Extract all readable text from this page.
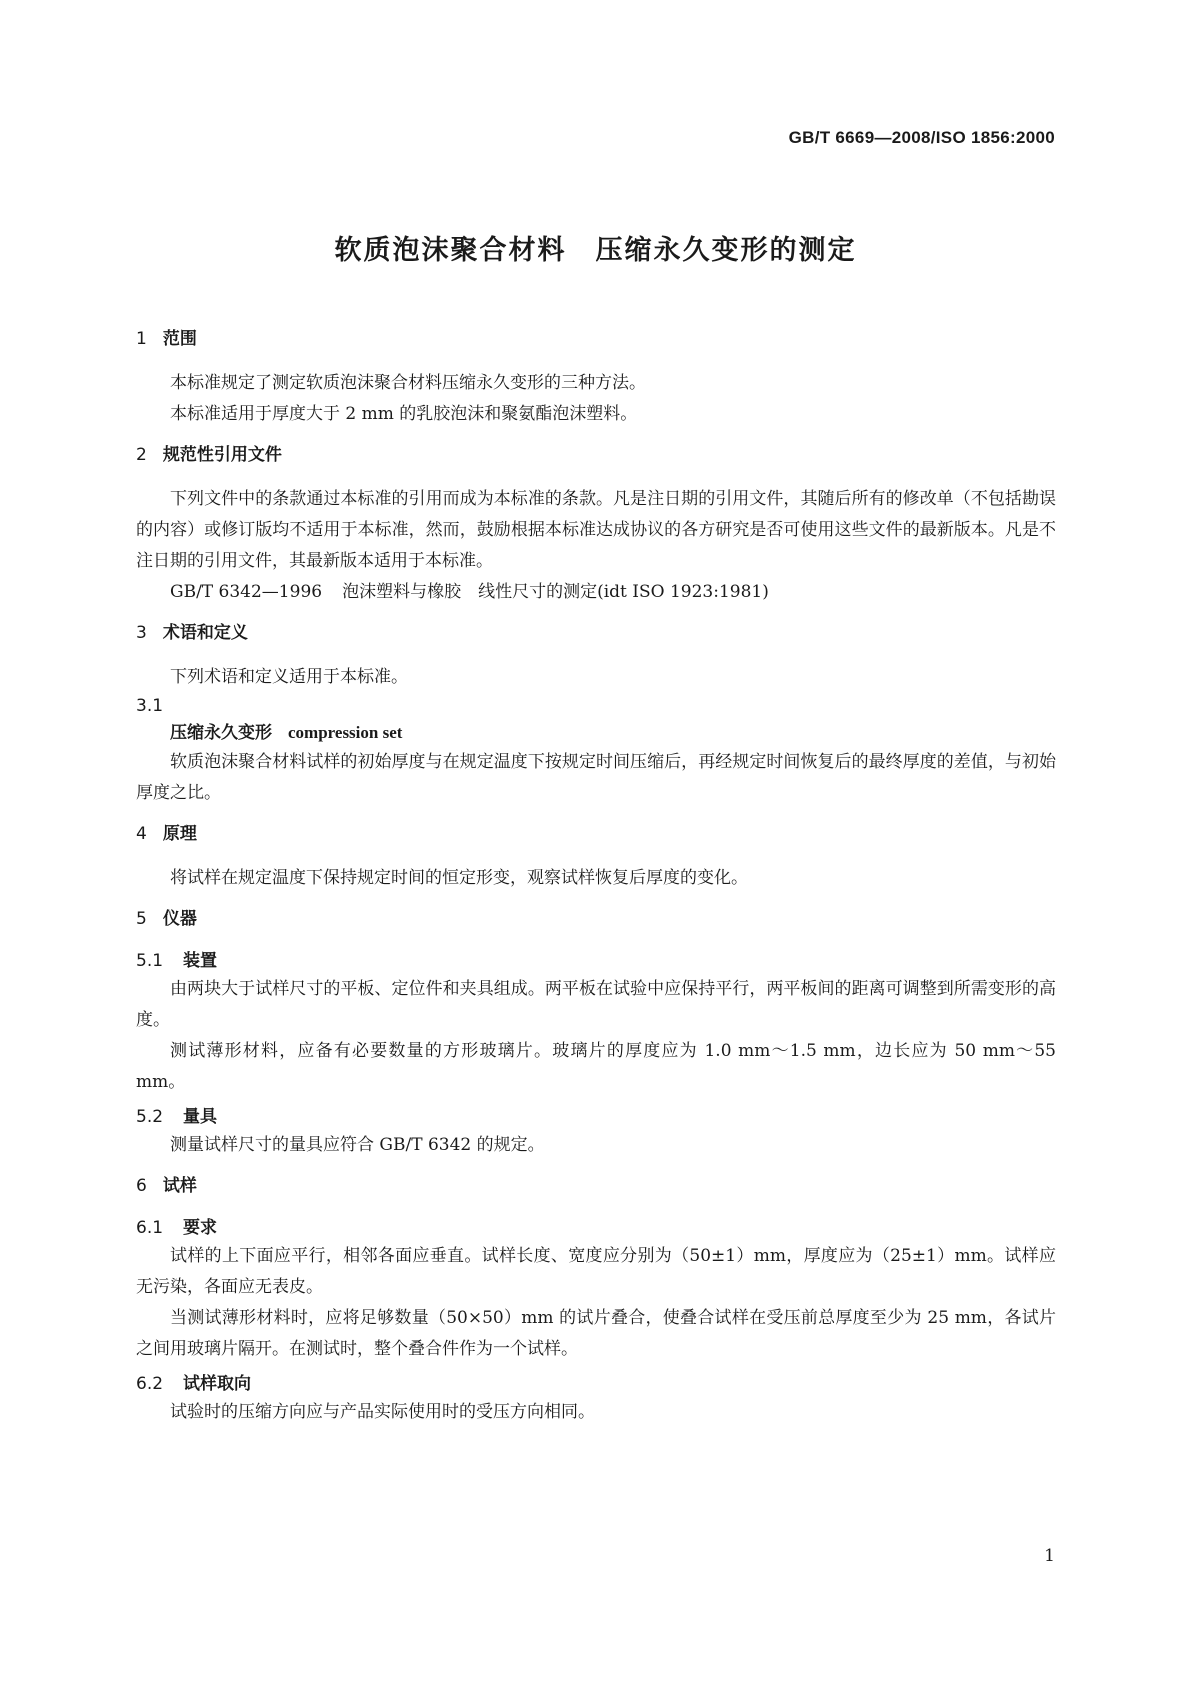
GB/T 6669—2008/ISO 1856:2000
软质泡沫聚合材料　压缩永久变形的测定
1 范围

本标准规定了测定软质泡沫聚合材料压缩永久变形的三种方法。

本标准适用于厚度大于 2 mm 的乳胶泡沫和聚氨酯泡沫塑料。

2 规范性引用文件

下列文件中的条款通过本标准的引用而成为本标准的条款。凡是注日期的引用文件，其随后所有的修改单（不包括勘误的内容）或修订版均不适用于本标准，然而，鼓励根据本标准达成协议的各方研究是否可使用这些文件的最新版本。凡是不注日期的引用文件，其最新版本适用于本标准。

GB/T 6342—1996 泡沫塑料与橡胶　线性尺寸的测定(idt ISO 1923:1981)

3 术语和定义

下列术语和定义适用于本标准。

3.1
压缩永久变形 compression set

软质泡沫聚合材料试样的初始厚度与在规定温度下按规定时间压缩后，再经规定时间恢复后的最终厚度的差值，与初始厚度之比。

4 原理

将试样在规定温度下保持规定时间的恒定形变，观察试样恢复后厚度的变化。

5 仪器
5.1 装置

由两块大于试样尺寸的平板、定位件和夹具组成。两平板在试验中应保持平行，两平板间的距离可调整到所需变形的高度。

测试薄形材料，应备有必要数量的方形玻璃片。玻璃片的厚度应为 1.0 mm～1.5 mm，边长应为 50 mm～55 mm。

5.2 量具

测量试样尺寸的量具应符合 GB/T 6342 的规定。

6 试样
6.1 要求

试样的上下面应平行，相邻各面应垂直。试样长度、宽度应分别为（50±1）mm，厚度应为（25±1）mm。试样应无污染，各面应无表皮。

当测试薄形材料时，应将足够数量（50×50）mm 的试片叠合，使叠合试样在受压前总厚度至少为 25 mm，各试片之间用玻璃片隔开。在测试时，整个叠合件作为一个试样。

6.2 试样取向

试验时的压缩方向应与产品实际使用时的受压方向相同。

1
